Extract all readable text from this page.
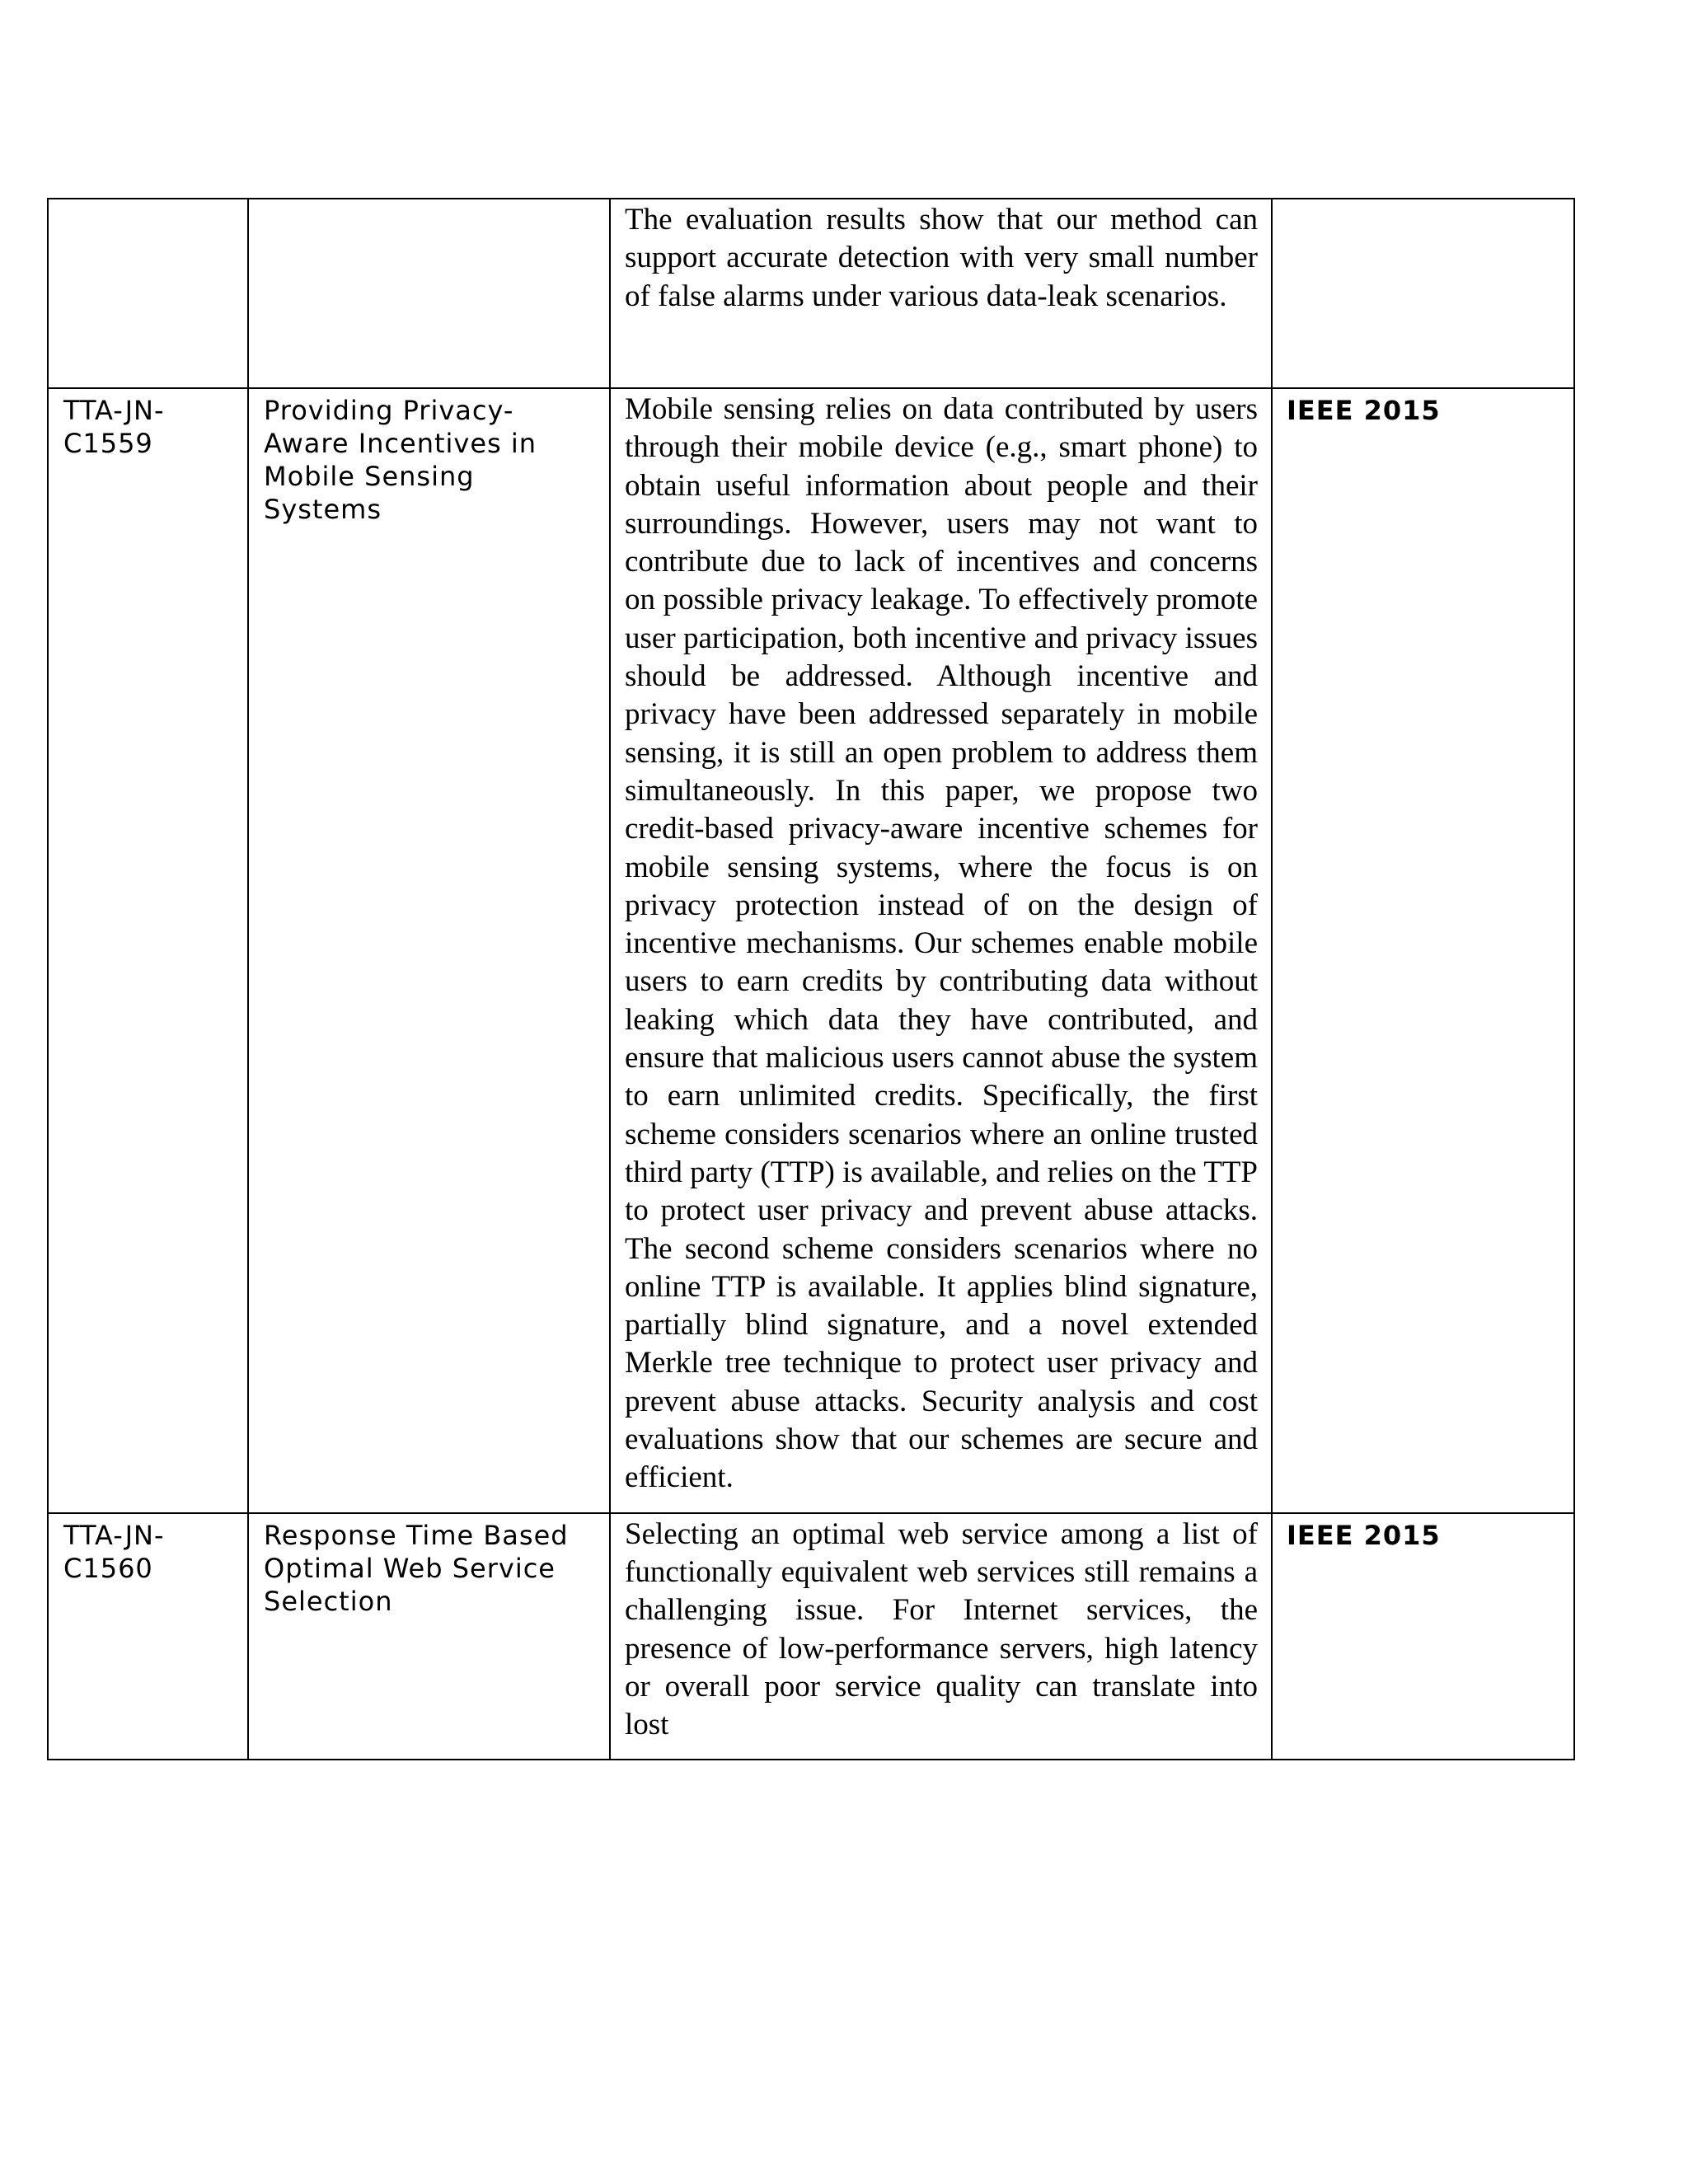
		The evaluation results show that our method can support accurate detection with very small number of false alarms under various data-leak scenarios.	

TTA-JN-C1559	Providing Privacy-Aware Incentives in Mobile Sensing Systems	Mobile sensing relies on data contributed by users through their mobile device (e.g., smart phone) to obtain useful information about people and their surroundings. However, users may not want to contribute due to lack of incentives and concerns on possible privacy leakage. To effectively promote user participation, both incentive and privacy issues should be addressed. Although incentive and privacy have been addressed separately in mobile sensing, it is still an open problem to address them simultaneously. In this paper, we propose two credit-based privacy-aware incentive schemes for mobile sensing systems, where the focus is on privacy protection instead of on the design of incentive mechanisms. Our schemes enable mobile users to earn credits by contributing data without leaking which data they have contributed, and ensure that malicious users cannot abuse the system to earn unlimited credits. Specifically, the first scheme considers scenarios where an online trusted third party (TTP) is available, and relies on the TTP to protect user privacy and prevent abuse attacks. The second scheme considers scenarios where no online TTP is available. It applies blind signature, partially blind signature, and a novel extended Merkle tree technique to protect user privacy and prevent abuse attacks. Security analysis and cost evaluations show that our schemes are secure and efficient.	IEEE 2015

TTA-JN-C1560	Response Time Based Optimal Web Service Selection	Selecting an optimal web service among a list of functionally equivalent web services still remains a challenging issue. For Internet services, the presence of low-performance servers, high latency or overall poor service quality can translate into lost	IEEE 2015
